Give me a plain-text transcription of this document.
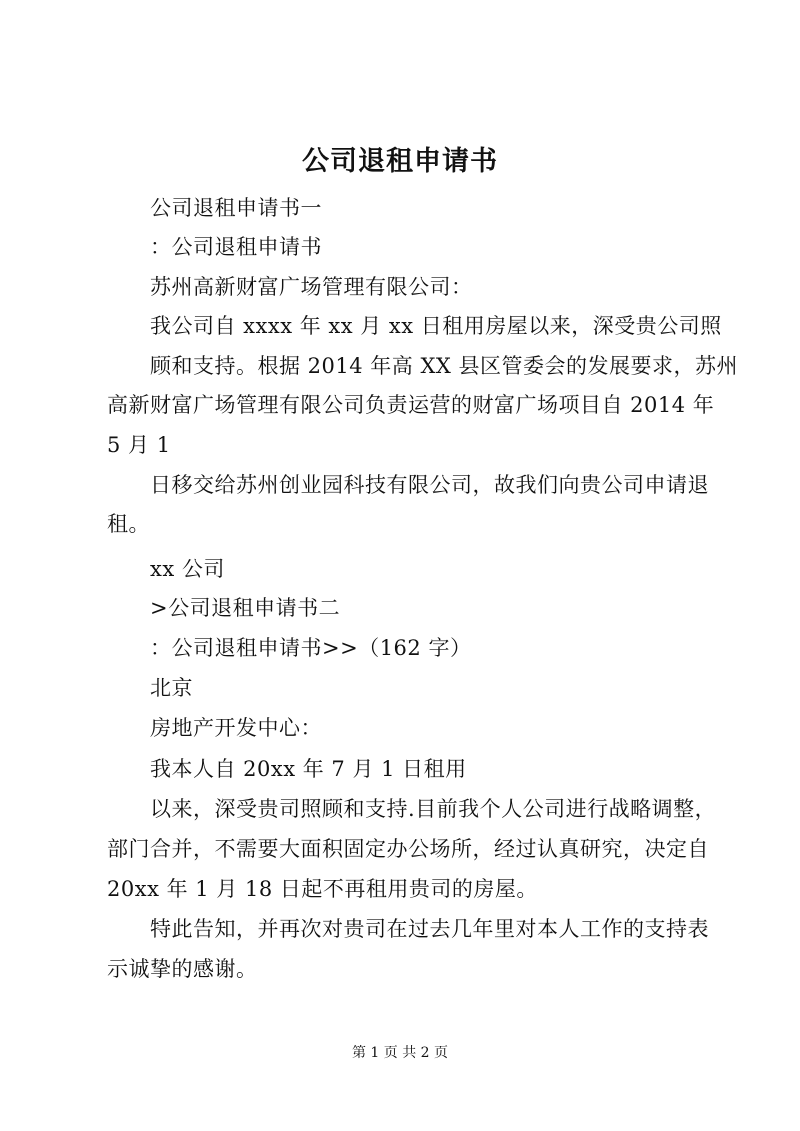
公司退租申请书
公司退租申请书一
：公司退租申请书
苏州高新财富广场管理有限公司：
我公司自 xxxx 年 xx 月 xx 日租用房屋以来，深受贵公司照
顾和支持。根据 2014 年高 XX 县区管委会的发展要求，苏州
高新财富广场管理有限公司负责运营的财富广场项目自 2014 年
5 月 1
日移交给苏州创业园科技有限公司，故我们向贵公司申请退
租。
xx 公司
>公司退租申请书二
：公司退租申请书>>（162 字）
北京
房地产开发中心：
我本人自 20xx 年 7 月 1 日租用
以来，深受贵司照顾和支持.目前我个人公司进行战略调整，
部门合并，不需要大面积固定办公场所，经过认真研究，决定自
20xx 年 1 月 18 日起不再租用贵司的房屋。
特此告知，并再次对贵司在过去几年里对本人工作的支持表
示诚挚的感谢。
第 1 页 共 2 页
